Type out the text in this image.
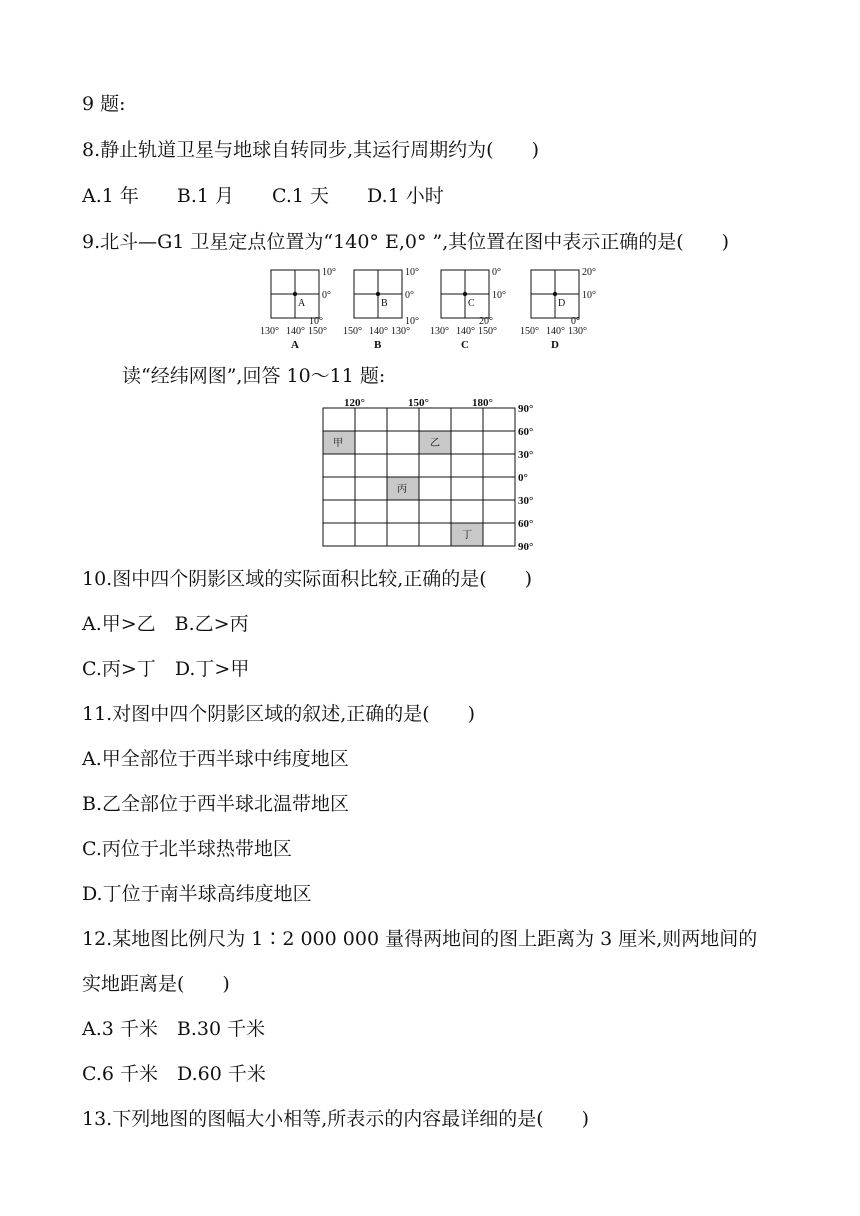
9 题:
8.静止轨道卫星与地球自转同步,其运行周期约为(　　)
A.1 年　　B.1 月　　C.1 天　　D.1 小时
9.北斗—G1 卫星定点位置为“140° E,0° ”,其位置在图中表示正确的是(　　)
A
10°
0°
10°
130° 140° 150°
A
B
10°
0°
10°
150° 140° 130°
B
C
0°
10°
20°
130° 140° 150°
C
D
20°
10°
0°
150° 140° 130°
D
读“经纬网图”,回答 10～11 题:
甲	乙
丙
丁
120°	150°	180° 90°
60°
30°
0°
30°
60°
90°
10.图中四个阴影区域的实际面积比较,正确的是(　　)
A.甲>乙　B.乙>丙
C.丙>丁　D.丁>甲
11.对图中四个阴影区域的叙述,正确的是(　　)
A.甲全部位于西半球中纬度地区
B.乙全部位于西半球北温带地区
C.丙位于北半球热带地区
D.丁位于南半球高纬度地区
12.某地图比例尺为 1∶2 000 000 量得两地间的图上距离为 3 厘米,则两地间的
实地距离是(　　)
A.3 千米　B.30 千米
C.6 千米　D.60 千米
13.下列地图的图幅大小相等,所表示的内容最详细的是(　　)
